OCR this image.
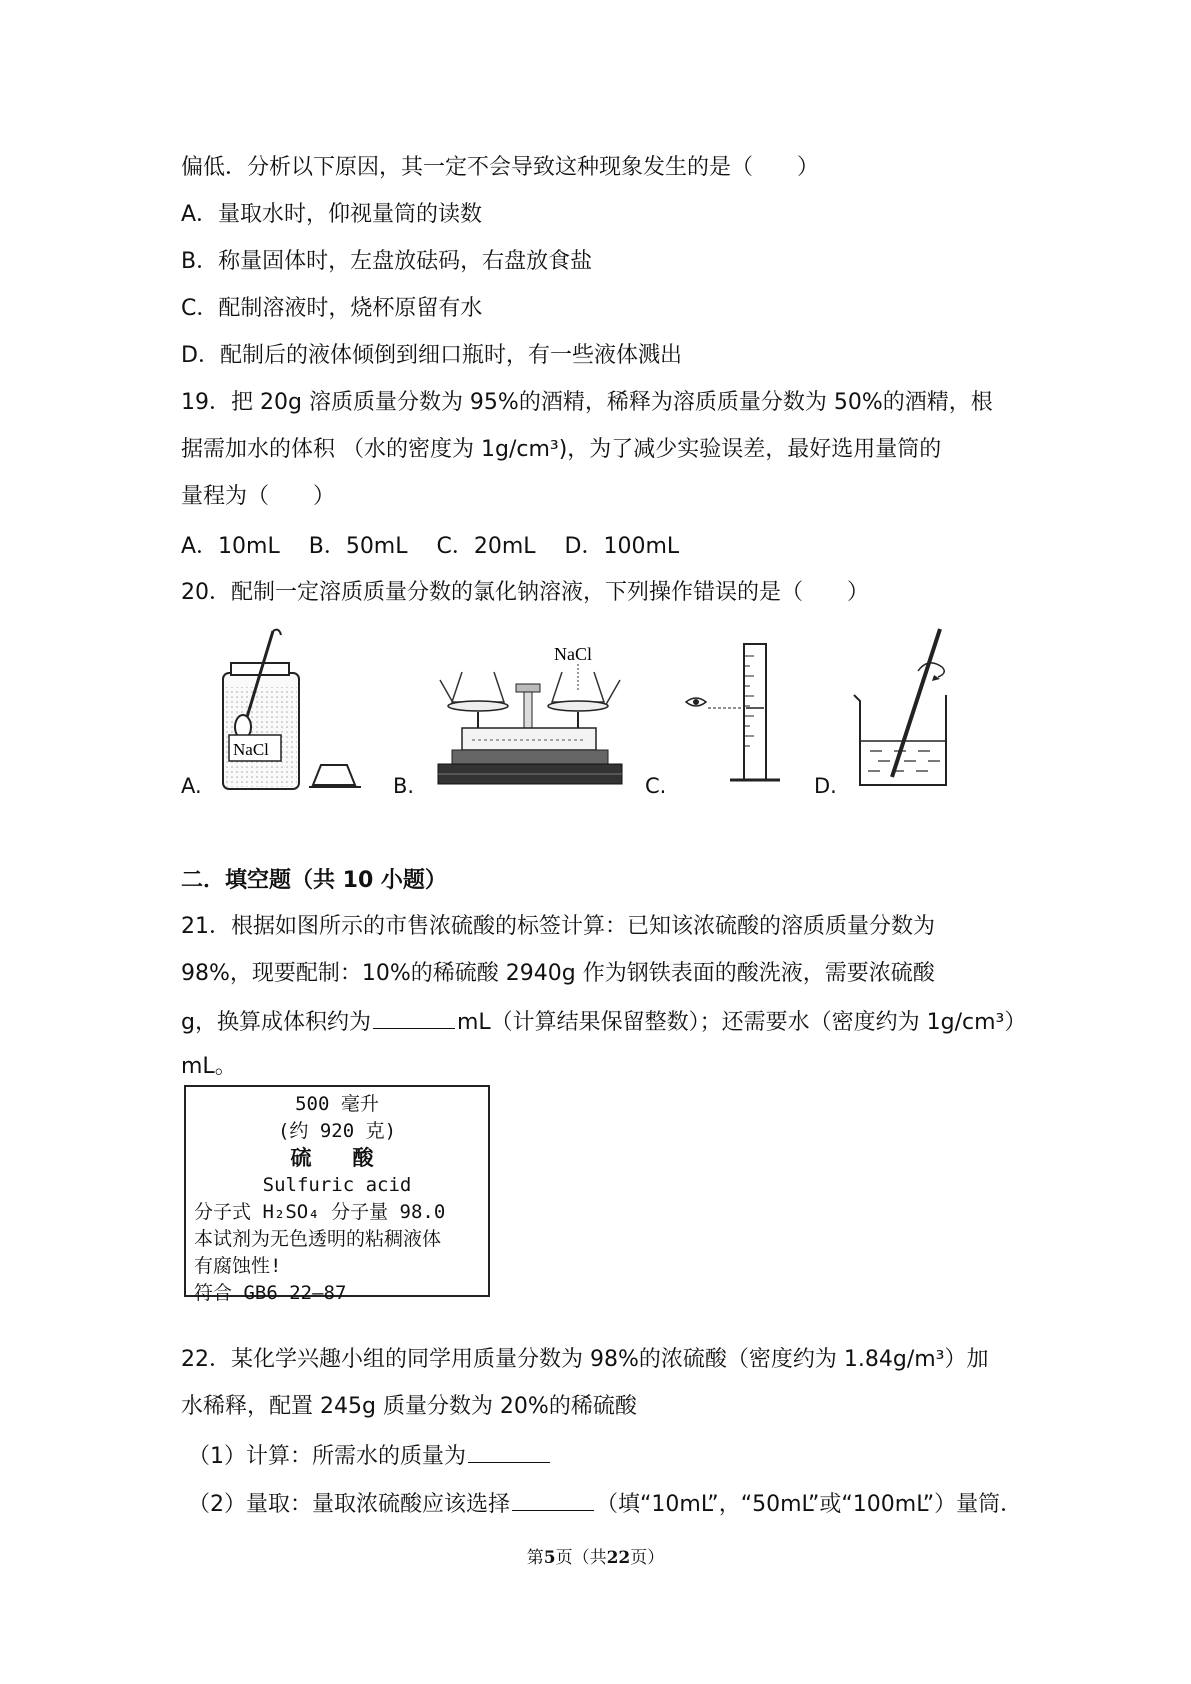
偏低．分析以下原因，其一定不会导致这种现象发生的是（　　）
A．量取水时，仰视量筒的读数
B．称量固体时，左盘放砝码，右盘放食盐
C．配制溶液时，烧杯原留有水
D．配制后的液体倾倒到细口瓶时，有一些液体溅出
19．把 20g 溶质质量分数为 95%的酒精，稀释为溶质质量分数为 50%的酒精，根
据需加水的体积 （水的密度为 1g/cm³)，为了减少实验误差，最好选用量筒的
量程为（　　）
A．10mL　 B．50mL　 C．20mL　 D．100mL
20．配制一定溶质质量分数的氯化钠溶液，下列操作错误的是（　　）
NaCl
A.
NaCl
B.	C.	D.
二．填空题（共 10 小题）
21．根据如图所示的市售浓硫酸的标签计算：已知该浓硫酸的溶质质量分数为
98%，现要配制：10%的稀硫酸 2940g 作为钢铁表面的酸洗液，需要浓硫酸
g，换算成体积约为	mL（计算结果保留整数）；还需要水（密度约为 1g/cm³）
mL。
500 毫升
(约 920 克)
硫　酸
Sulfuric acid
分子式 H₂SO₄ 分子量 98.0
本试剂为无色透明的粘稠液体
有腐蚀性!
符合 GB6 22—87
22．某化学兴趣小组的同学用质量分数为 98%的浓硫酸（密度约为 1.84g/m³）加
水稀释，配置 245g 质量分数为 20%的稀硫酸
（1）计算：所需水的质量为
（2）量取：量取浓硫酸应该选择	（填“10mL”，“50mL”或“100mL”）量筒．
第5页（共22页）
